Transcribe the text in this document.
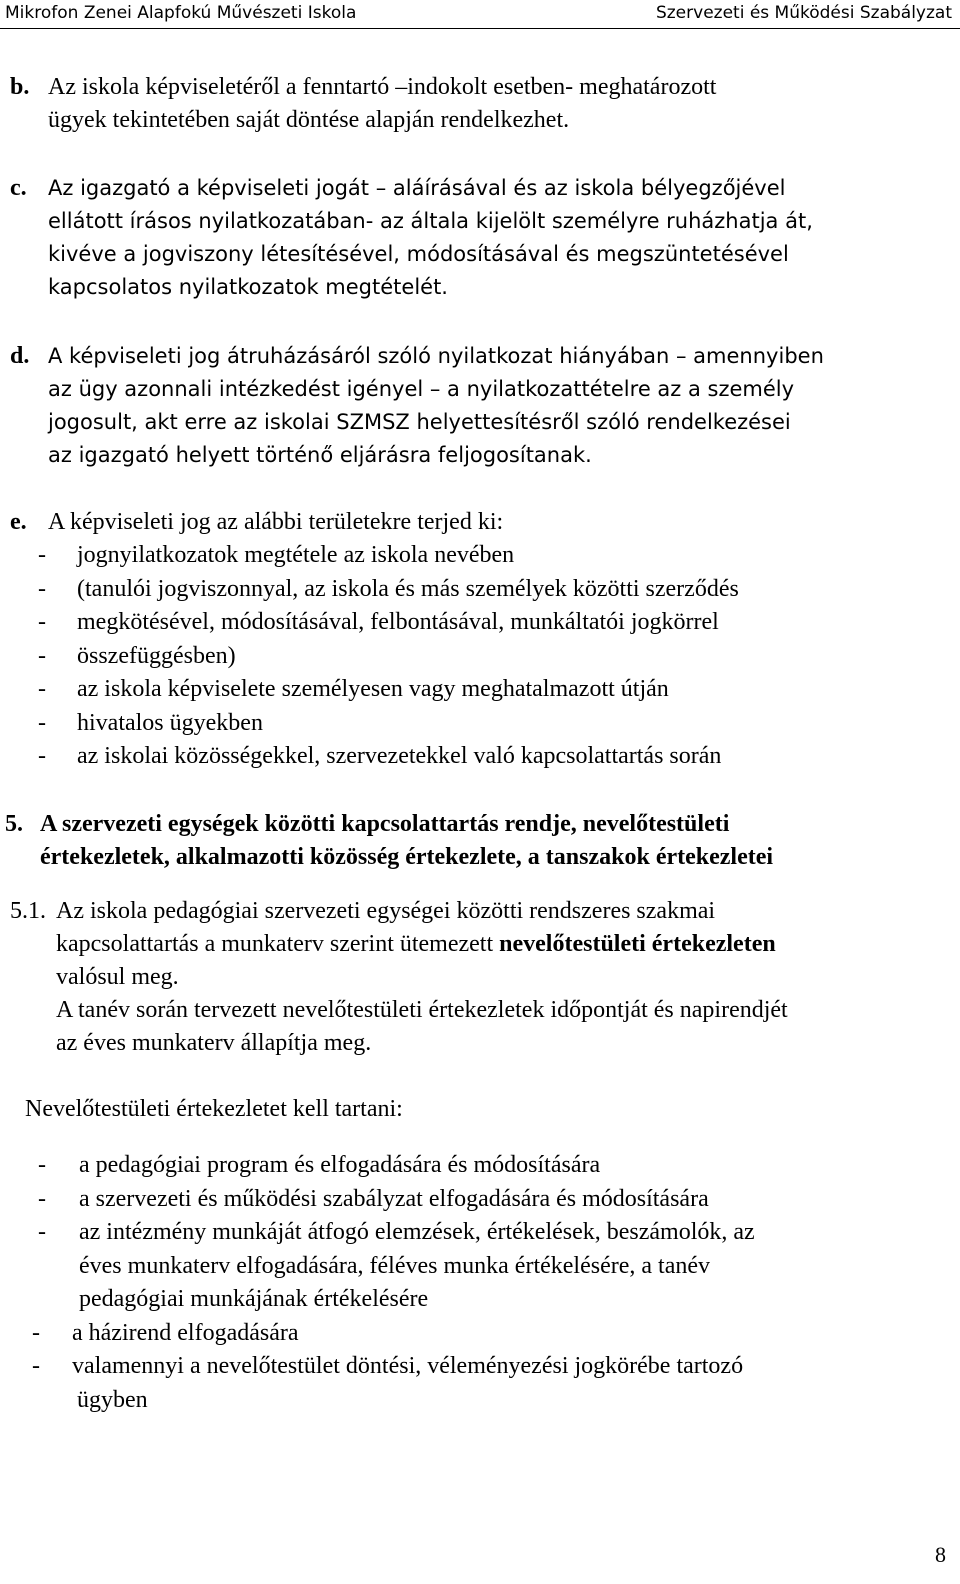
Mikrofon Zenei Alapfokú Művészeti Iskola	Szervezeti és Működési Szabályzat
b. Az iskola képviseletéről a fenntartó –indokolt esetben- meghatározott
ügyek tekintetében saját döntése alapján rendelkezhet.
c. Az igazgató a képviseleti jogát – aláírásával és az iskola bélyegzőjével
ellátott írásos nyilatkozatában- az általa kijelölt személyre ruházhatja át,
kivéve a jogviszony létesítésével, módosításával és megszüntetésével
kapcsolatos nyilatkozatok megtételét.
d. A képviseleti jog átruházásáról szóló nyilatkozat hiányában – amennyiben
az ügy azonnali intézkedést igényel – a nyilatkozattételre az a személy
jogosult, akt erre az iskolai SZMSZ helyettesítésről szóló rendelkezései
az igazgató helyett történő eljárásra feljogosítanak.
e. A képviseleti jog az alábbi területekre terjed ki:
- jognyilatkozatok megtétele az iskola nevében
- (tanulói jogviszonnyal, az iskola és más személyek közötti szerződés
- megkötésével, módosításával, felbontásával, munkáltatói jogkörrel
- összefüggésben)
- az iskola képviselete személyesen vagy meghatalmazott útján
- hivatalos ügyekben
- az iskolai közösségekkel, szervezetekkel való kapcsolattartás során
5. A szervezeti egységek közötti kapcsolattartás rendje, nevelőtestületi
értekezletek, alkalmazotti közösség értekezlete, a tanszakok értekezletei
5.1. Az iskola pedagógiai szervezeti egységei közötti rendszeres szakmai
kapcsolattartás a munkaterv szerint ütemezett nevelőtestületi értekezleten
valósul meg.
A tanév során tervezett nevelőtestületi értekezletek időpontját és napirendjét
az éves munkaterv állapítja meg.
Nevelőtestületi értekezletet kell tartani:
- a pedagógiai program és elfogadására és módosítására
- a szervezeti és működési szabályzat elfogadására és módosítására
- az intézmény munkáját átfogó elemzések, értékelések, beszámolók, az
éves munkaterv elfogadására, féléves munka értékelésére, a tanév
pedagógiai munkájának értékelésére
- a házirend elfogadására
- valamennyi a nevelőtestület döntési, véleményezési jogkörébe tartozó
ügyben
8
